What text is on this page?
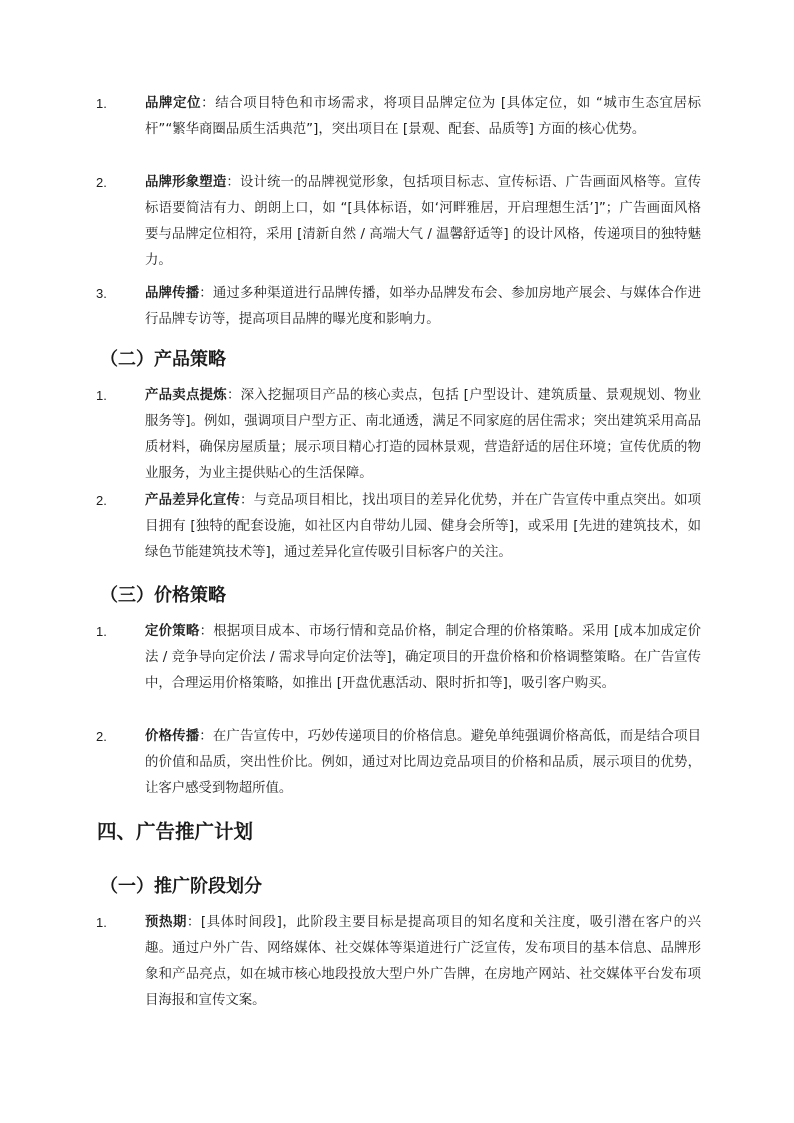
1.	品牌定位：结合项目特色和市场需求，将项目品牌定位为 [具体定位，如 “城市生态宜居标杆”“繁华商圈品质生活典范”]，突出项目在 [景观、配套、品质等] 方面的核心优势。
2.	品牌形象塑造：设计统一的品牌视觉形象，包括项目标志、宣传标语、广告画面风格等。宣传标语要简洁有力、朗朗上口，如 “[具体标语，如‘河畔雅居，开启理想生活’]”；广告画面风格要与品牌定位相符，采用 [清新自然 / 高端大气 / 温馨舒适等] 的设计风格，传递项目的独特魅力。
3.	品牌传播：通过多种渠道进行品牌传播，如举办品牌发布会、参加房地产展会、与媒体合作进行品牌专访等，提高项目品牌的曝光度和影响力。
（二）产品策略
1.	产品卖点提炼：深入挖掘项目产品的核心卖点，包括 [户型设计、建筑质量、景观规划、物业服务等]。例如，强调项目户型方正、南北通透，满足不同家庭的居住需求；突出建筑采用高品质材料，确保房屋质量；展示项目精心打造的园林景观，营造舒适的居住环境；宣传优质的物业服务，为业主提供贴心的生活保障。
2.	产品差异化宣传：与竞品项目相比，找出项目的差异化优势，并在广告宣传中重点突出。如项目拥有 [独特的配套设施，如社区内自带幼儿园、健身会所等]，或采用 [先进的建筑技术，如绿色节能建筑技术等]，通过差异化宣传吸引目标客户的关注。
（三）价格策略
1.	定价策略：根据项目成本、市场行情和竞品价格，制定合理的价格策略。采用 [成本加成定价法 / 竞争导向定价法 / 需求导向定价法等]，确定项目的开盘价格和价格调整策略。在广告宣传中，合理运用价格策略，如推出 [开盘优惠活动、限时折扣等]，吸引客户购买。
2.	价格传播：在广告宣传中，巧妙传递项目的价格信息。避免单纯强调价格高低，而是结合项目的价值和品质，突出性价比。例如，通过对比周边竞品项目的价格和品质，展示项目的优势，让客户感受到物超所值。
四、广告推广计划
（一）推广阶段划分
1.	预热期：[具体时间段]，此阶段主要目标是提高项目的知名度和关注度，吸引潜在客户的兴趣。通过户外广告、网络媒体、社交媒体等渠道进行广泛宣传，发布项目的基本信息、品牌形象和产品亮点，如在城市核心地段投放大型户外广告牌，在房地产网站、社交媒体平台发布项目海报和宣传文案。
